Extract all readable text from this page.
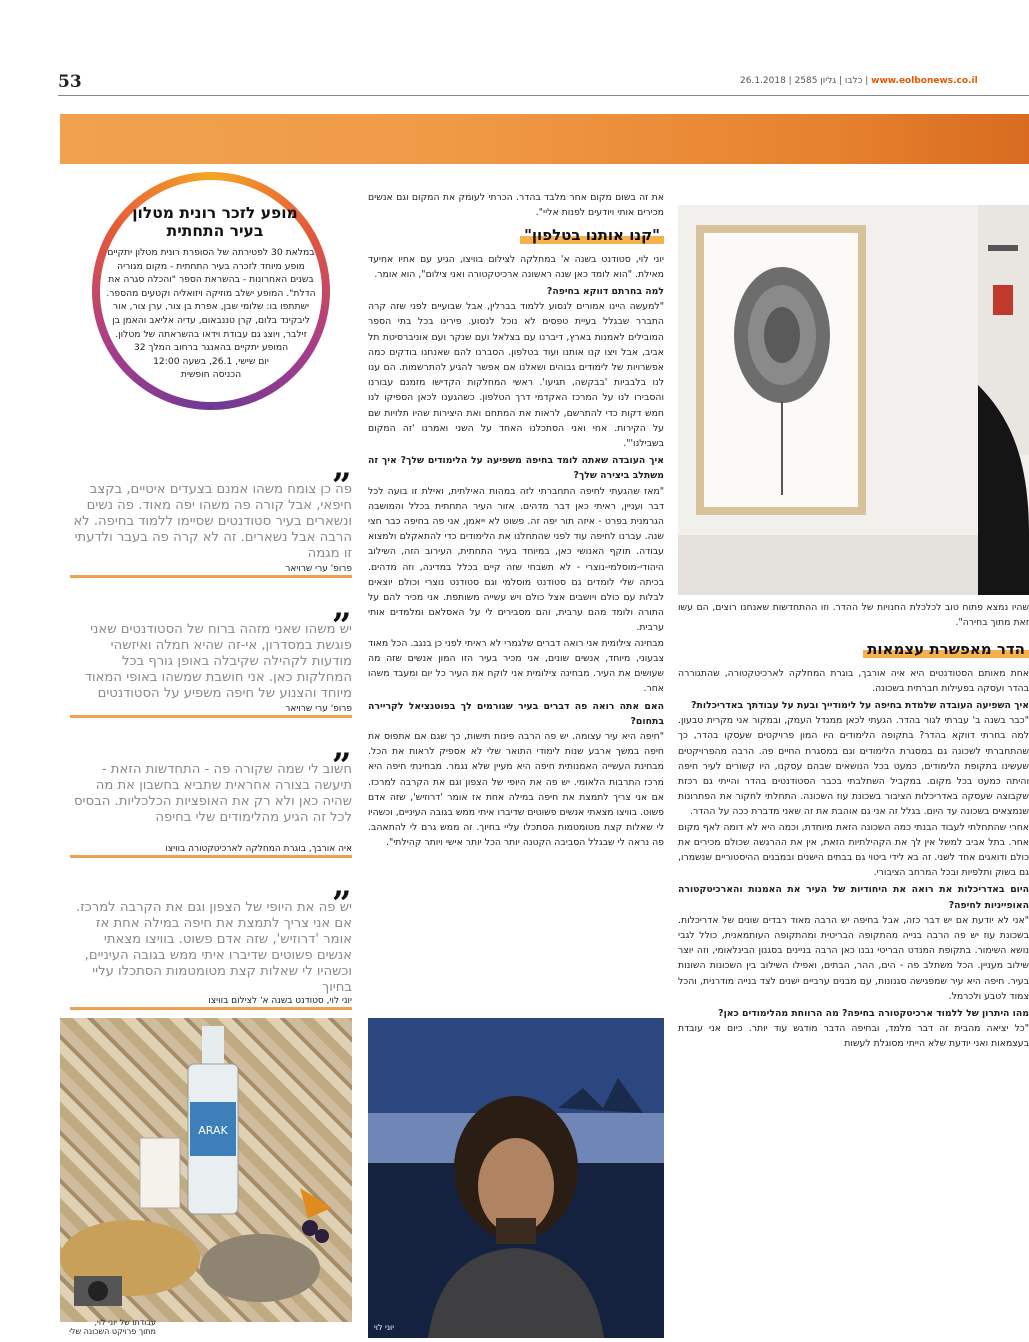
53	26.1.2018 | 2585 כלבו | גליון | www.eolbonews.co.il
מופע לזכר רונית מטלון בעיר התחתית

במלאת 30 לפטירתה של הסופרת רונית מטלון יתקיים מופע מיוחד לזכרה בעיר התחתית - מקום מגוריה בשנים האחרונות - בהשראת הספר "והכלה סגרה את הדלת". המופע ישלב מוזיקה ויזואליה וקטעים מהספר. ישתתפו בו: שלומי שבן, אפרת בן צור, ערן צור, אור ליבקינד בלום, קרן טננבאום, עדיה אליאב והאמן בן זילבר, ויוצג גם עבודת וידאו בהשראתה של מטלון.

המופע יתקיים בהאנגר ברחוב המלך 32

יום שישי, 26.1, בשעה 12:00

הכניסה חופשית

„
פה כן צומח משהו אמנם בצעדים איטיים, בקצב חיפאי, אבל קורה פה משהו יפה מאוד. פה נשים ונשארים בעיר סטודנטים שסיימו ללמוד בחיפה. לא הרבה אבל נשארים. זה לא קרה פה בעבר ולדעתי זו מגמה
פרופ' ערי שרויאר
„
יש משהו שאני מזהה ברוח של הסטודנטים שאני פוגשת במסדרון, אי-זה שהיא חמלה ואיזשהי מודעות לקהילה שקיבלה באופן גורף בכל המחלקות כאן. אני חושבת שמשהו באופי המאוד מיוחד והצנוע של חיפה משפיע על הסטודנטים
פרופ' ערי שרויאר
„
חשוב לי שמה שקורה פה - התחדשות הזאת - תיעשה בצורה אחראית שתביא בחשבון את מה שהיה כאן ולא רק את האופציות הכלכליות. הבסיס לכל זה הגיע מהלימודים שלי בחיפה
איה אורבך, בוגרת המחלקה לארכיטקטורה בוויצו
„
יש פה את היופי של הצפון וגם את הקרבה למרכז. אם אני צריך לתמצת את חיפה במילה אחת אז אומר 'דרוזיש', שזה אדם פשוט. בוויצו מצאתי אנשים פשוטים שדיברו איתי ממש בגובה העיניים, וכשהיו לי שאלות קצת מטומטמות הסתכלו עליי בחיוך
יוני לוי, סטודנט בשנה א' לצילום בוויצו

את זה בשום מקום אחר מלבד בהדר. הכרתי לעומק את המקום וגם אנשים מכירים אותי ויודעים לפנות אליי".

"קנו אותנו בטלפון"

יוני לוי, סטודנט בשנה א' במחלקה לצילום בוויצו, הגיע עם אחיו אחיעד מאילת. "הוא לומד כאן שנה ראשונה ארכיטקטורה ואני צילום", הוא אומר.

למה בחרתם דווקא בחיפה?

"למעשה היינו אמורים לנסוע ללמוד בברלין, אבל שבועיים לפני שזה קרה התברר שבגלל בעיית טפסים לא נוכל לנסוע. פירינו בכל בתי הספר המובילים לאמנות בארץ, דיברנו עם בצלאל ועם שנקר ועם אוניברסיטת תל אביב, אבל ויצו קנו אותנו ועוד בטלפון. הסברנו להם שאנחנו בודקים כמה אפשרויות של לימודים גבוהים ושאלנו אם אפשר להגיע להתרשמות. הם ענו לנו בלבביות 'בבקשה, תגיעו'. ראשי המחלקות הקדישו מזמנם עבורנו והסבירו לנו על המרכז האקדמי דרך הטלפון. כשהגענו לכאן הספיקו לנו חמש דקות כדי להתרשם, לראות את המתחם ואת היצירות שהיו תלויות שם על הקירות. אחי ואני הסתכלנו האחד על השני ואמרנו 'זה המקום בשבילנו'".

איך העובדה שאתה לומד בחיפה משפיעה על הלימודים שלך? איך זה משתלב ביצירה שלך?

"מאז שהגעתי לחיפה התחברתי לזה במהות האילתית, ואילת זו בועה לכל דבר ועניין, ראיתי כאן דבר מדהים. אזור העיר התחתית בכלל והמושבה הגרמנית בפרט - איזה תור יפה זה. פשוט לא ייאמן, אני פה בחיפה כבר חצי שנה. עברנו לחיפה עוד לפני שהתחלנו את הלימודים כדי להתאקלם ולמצוא עבודה. תוקף האנושי כאן, במיוחד בעיר התחתית, העירוב הזה, השילוב היהודי-מוסלמי-נוצרי - לא תשבחי שזה קיים בכלל במדינה, וזה מדהים. בכיתה שלי לומדים גם סטודנט מוסלמי וגם סטודנט נוצרי וכולם יוצאים לבלות עם כולם ויושבים אצל כולם ויש עשייה משותפת. אני מכיר להם על התורה ולומד מהם ערבית, והם מסבירים לי על האסלאם ומלמדים אותי ערבית.

מבחינה צילומית אני רואה דברים שלגמרי לא ראיתי לפני כן בנגב. הכל מאוד צבעוני, מיוחד, אנשים שונים, אני מכיר בעיר הזו המון אנשים שזה מה שעושים את העיר. מבחינה צילומית אני לוקח את העיר כל יום ומעבד משהו אחר.

האם אתה רואה פה דברים בעיר שגורמים לך בפוטנציאל לקריירה בתחום?

"חיפה היא עיר עצומה. יש פה הרבה פינות תישות, כך שגם אם אתפוס את חיפה במשך ארבע שנות לימודי התואר שלי לא אספיק לראות את הכל. מבחינת העשייה האמנותית חיפה היא מעיין שלא נגמר. מבחינתי חיפה היא מרכז התרבות הלאומי. יש פה את היופי של הצפון וגם את הקרבה למרכז. אם אני צריך לתמצת את חיפה במילה אחת אז אומר 'דרוזיש', שזה אדם פשוט. בוויצו מצאתי אנשים פשוטים שדיברו איתי ממש בגובה העיניים, וכשהיו לי שאלות קצת מטומטמות הסתכלו עליי בחיוך. זה ממש גרם לי להתאהב. פה נראה לי שבגלל הסביבה הקטנה יותר הכל יותר אישי ויותר קהילתי".

שהיו נמצא פתוח טוב לכלכלת החנויות של ההדר. וזו ההתחדשות שאנחנו רוצים, הם עשו זאת מתוך בחירה".

הדר מאפשרת עצמאות

אחת מאותם הסטודנטים היא איה אורבך, בוגרת המחלקה לארכיטקטורה, שהתגוררה בהדר ועסקה בפעילות חברתית בשכונה.

איך השפיעה העובדה שלמדת בחיפה על לימודייך ובעת על עבודתך באדריכלות?

"כבר בשנה ב' עברתי לגור בהדר. הגעתי לכאן ממגדל העמק, ובמקור אני מקרית טבעון. למה בחרתי דווקא בהדר? בתקופה הלימודים היו המון פרויקטים שעסקו בהדר, כך שהתחברתי לשכונה גם במסגרת הלימודים וגם במסגרת החיים פה. הרבה מהפרויקטים שעשינו בתקופת הלימודים, כמעט בכל הנושאים שבהם עסקנו, היו קשורים לעיר חיפה והיתה כמעט בכל מקום. במקביל השתלבתי בכבר הסטודנטים בהדר והייתי גם רכזת שקבוצה שעסקה באדריכלות הציבור בשכונת עוז השכונה. התחלתי לחקור את הפתרונות שנמצאים בשכונה עד היום. בגלל זה אני גם אוהבת את זה שאני מדברת ככה על ההדר.

אחרי שהתחלתי לעבוד הבנתי כמה השכונה הזאת מיוחדת, וכמה היא לא דומה לאף מקום אחר. בתל אביב למשל אין לך את הקהילתיות הזאת, אין את ההרגשה שכולם מכירים את כולם ודואגים אחד לשני. זה בא לידי ביטוי גם בבתים הישנים ובמבנים ההיסטוריים שנשמרו, גם בשוק ותלפיות ובכל המרחב הציבורי.

היום באדריכלות את רואה את היחודיות של העיר את האמנות והארכיטקטורה האופייניות לחיפה?

"אני לא יודעת אם יש דבר כזה, אבל בחיפה יש הרבה מאוד רבדים שונים של אדריכלות. בשכונת עוז יש פה הרבה בנייה מהתקופה הבריטית ומהתקופה העותמאנית, כולל לגבי נושא השימור. בתקופת המנדט הבריטי נבנו כאן הרבה בניינים בסגנון הבינלאומי, וזה יוצר שילוב מעניין. הכל משתלב פה - הים, ההר, הבתים, ואפילו השילוב בין השכונות השונות בעיר. חיפה היא עיר שמפגישה סגנונות, עם מבנים ערביים ישנים לצד בנייה מודרנית, והכל צמוד לטבע ולכרמל.

מהו היתרון של ללמוד ארכיטקטורה בחיפה? מה הרווחת מהלימודים כאן?

"כל יציאה מהבית זה דבר מלמד, ובחיפה הדבר מודגש עוד יותר. כיום אני עובדת בעצמאות ואני יודעת שלא הייתי מסוגלת לעשות

יוני לוי
ARAK
עבודתו של יוני לוי,
מתוך פרויקט השכונה שלי
